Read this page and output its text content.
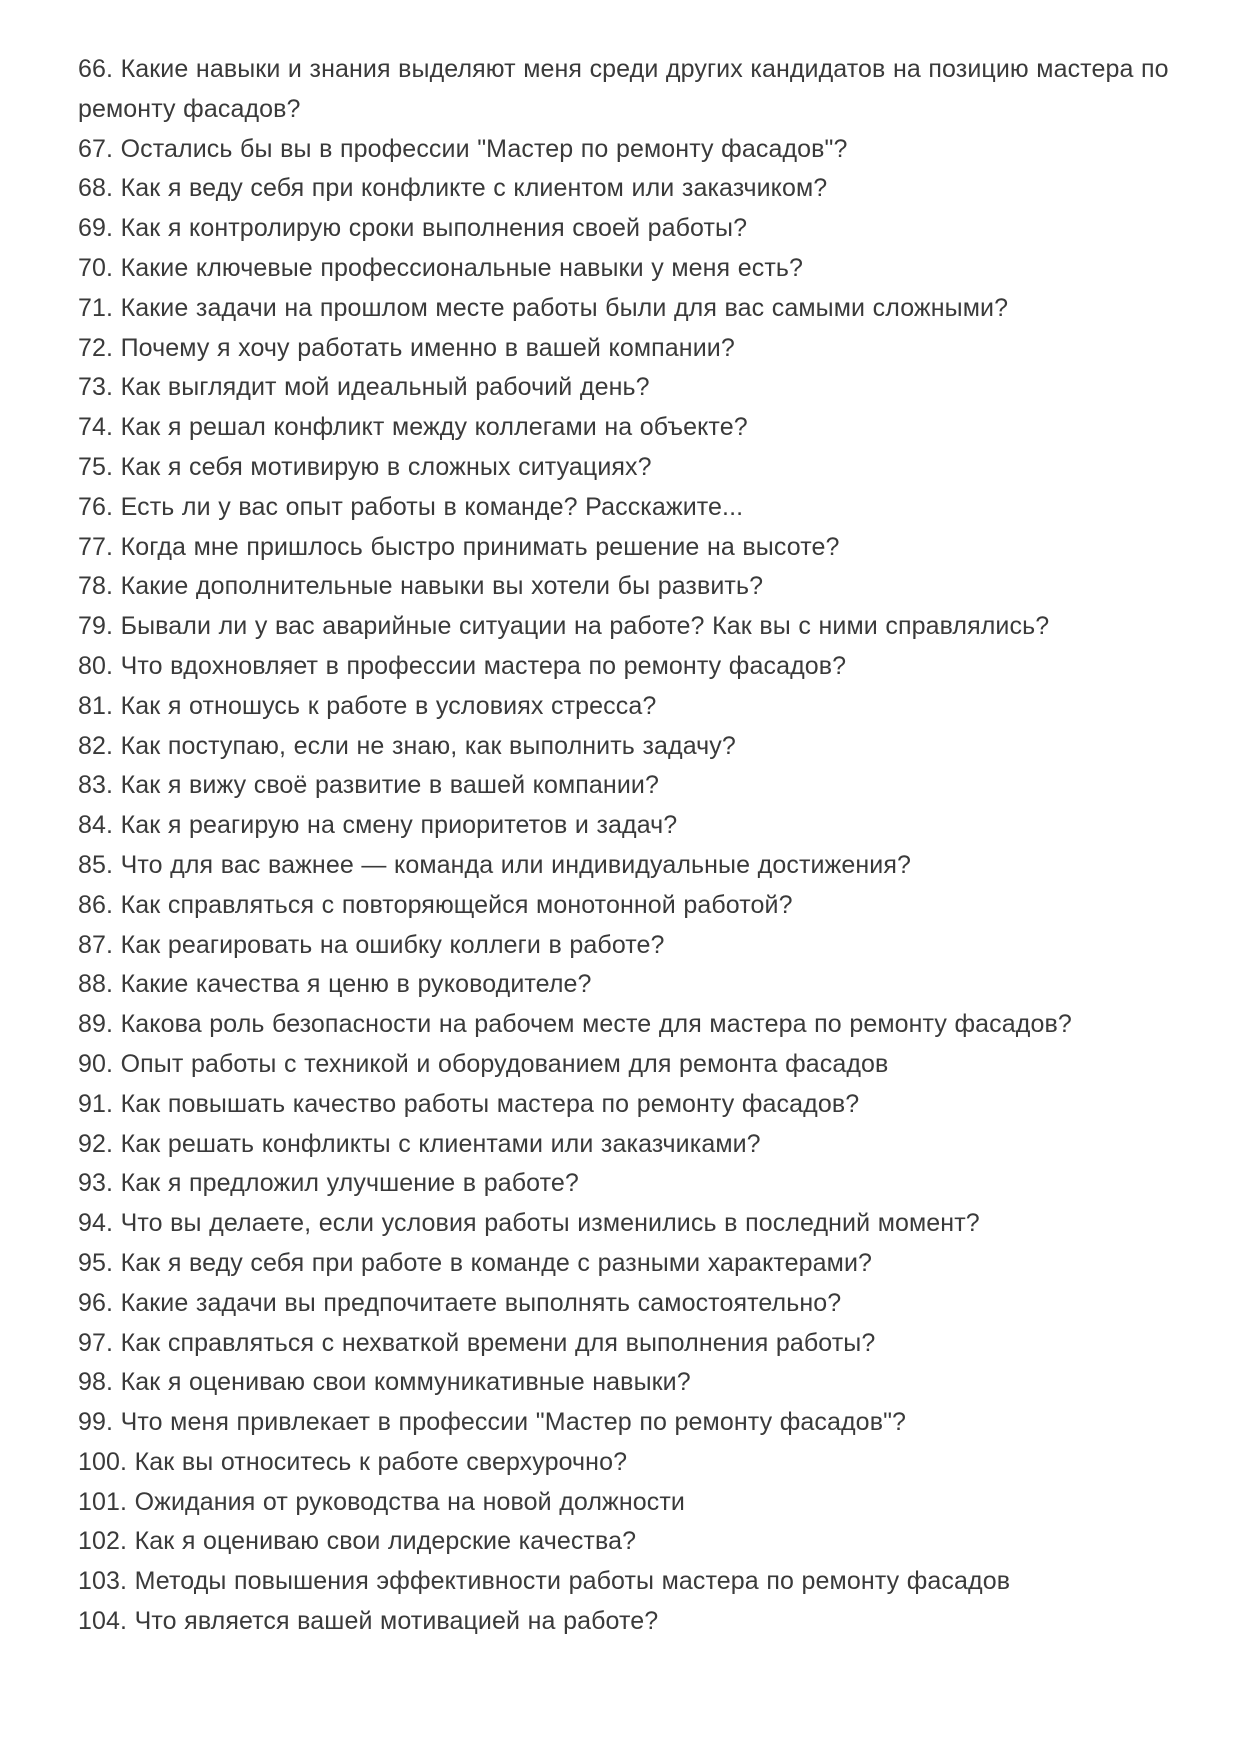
66. Какие навыки и знания выделяют меня среди других кандидатов на позицию мастера по ремонту фасадов?
67. Остались бы вы в профессии "Мастер по ремонту фасадов"?
68. Как я веду себя при конфликте с клиентом или заказчиком?
69. Как я контролирую сроки выполнения своей работы?
70. Какие ключевые профессиональные навыки у меня есть?
71. Какие задачи на прошлом месте работы были для вас самыми сложными?
72. Почему я хочу работать именно в вашей компании?
73. Как выглядит мой идеальный рабочий день?
74. Как я решал конфликт между коллегами на объекте?
75. Как я себя мотивирую в сложных ситуациях?
76. Есть ли у вас опыт работы в команде? Расскажите...
77. Когда мне пришлось быстро принимать решение на высоте?
78. Какие дополнительные навыки вы хотели бы развить?
79. Бывали ли у вас аварийные ситуации на работе? Как вы с ними справлялись?
80. Что вдохновляет в профессии мастера по ремонту фасадов?
81. Как я отношусь к работе в условиях стресса?
82. Как поступаю, если не знаю, как выполнить задачу?
83. Как я вижу своё развитие в вашей компании?
84. Как я реагирую на смену приоритетов и задач?
85. Что для вас важнее — команда или индивидуальные достижения?
86. Как справляться с повторяющейся монотонной работой?
87. Как реагировать на ошибку коллеги в работе?
88. Какие качества я ценю в руководителе?
89. Какова роль безопасности на рабочем месте для мастера по ремонту фасадов?
90. Опыт работы с техникой и оборудованием для ремонта фасадов
91. Как повышать качество работы мастера по ремонту фасадов?
92. Как решать конфликты с клиентами или заказчиками?
93. Как я предложил улучшение в работе?
94. Что вы делаете, если условия работы изменились в последний момент?
95. Как я веду себя при работе в команде с разными характерами?
96. Какие задачи вы предпочитаете выполнять самостоятельно?
97. Как справляться с нехваткой времени для выполнения работы?
98. Как я оцениваю свои коммуникативные навыки?
99. Что меня привлекает в профессии "Мастер по ремонту фасадов"?
100. Как вы относитесь к работе сверхурочно?
101. Ожидания от руководства на новой должности
102. Как я оцениваю свои лидерские качества?
103. Методы повышения эффективности работы мастера по ремонту фасадов
104. Что является вашей мотивацией на работе?
